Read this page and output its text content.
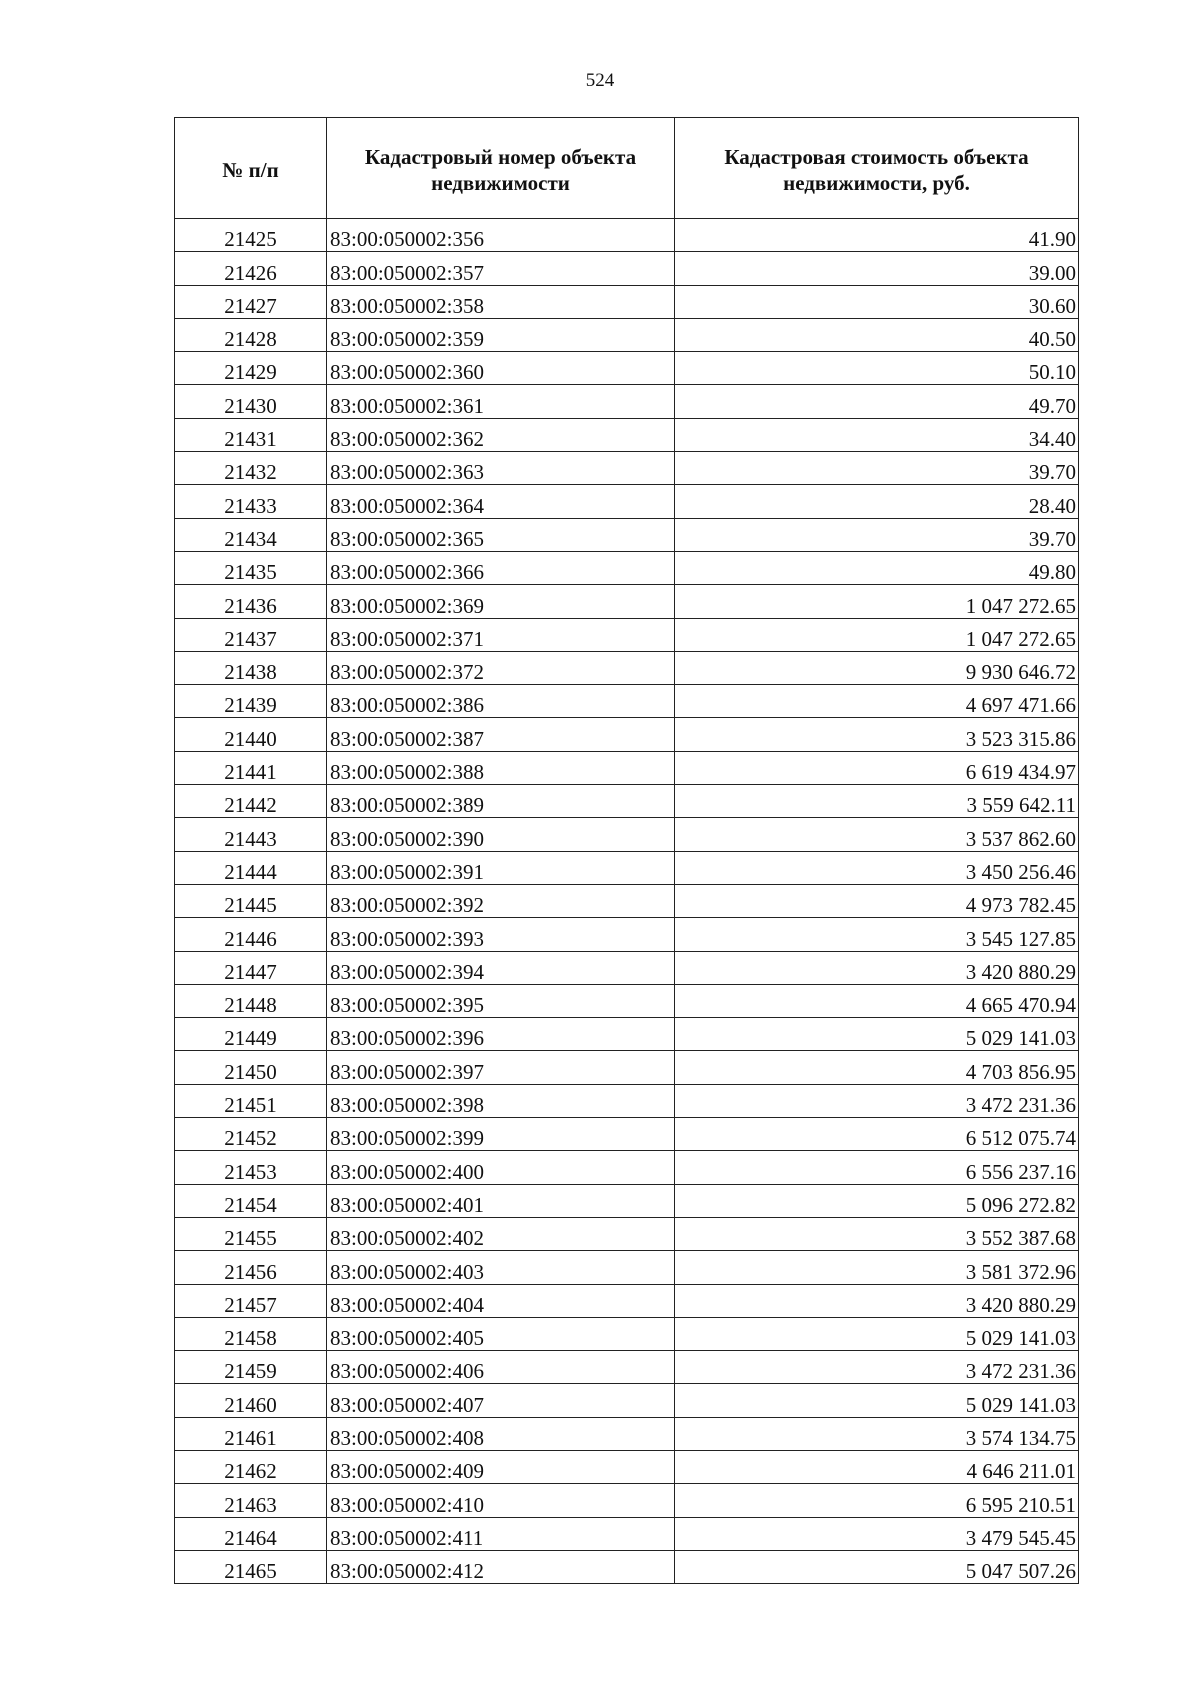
524
№ п/п	Кадастровый номер объекта недвижимости	Кадастровая стоимость объекта недвижимости, руб.
21425	83:00:050002:356	41.90
21426	83:00:050002:357	39.00
21427	83:00:050002:358	30.60
21428	83:00:050002:359	40.50
21429	83:00:050002:360	50.10
21430	83:00:050002:361	49.70
21431	83:00:050002:362	34.40
21432	83:00:050002:363	39.70
21433	83:00:050002:364	28.40
21434	83:00:050002:365	39.70
21435	83:00:050002:366	49.80
21436	83:00:050002:369	1 047 272.65
21437	83:00:050002:371	1 047 272.65
21438	83:00:050002:372	9 930 646.72
21439	83:00:050002:386	4 697 471.66
21440	83:00:050002:387	3 523 315.86
21441	83:00:050002:388	6 619 434.97
21442	83:00:050002:389	3 559 642.11
21443	83:00:050002:390	3 537 862.60
21444	83:00:050002:391	3 450 256.46
21445	83:00:050002:392	4 973 782.45
21446	83:00:050002:393	3 545 127.85
21447	83:00:050002:394	3 420 880.29
21448	83:00:050002:395	4 665 470.94
21449	83:00:050002:396	5 029 141.03
21450	83:00:050002:397	4 703 856.95
21451	83:00:050002:398	3 472 231.36
21452	83:00:050002:399	6 512 075.74
21453	83:00:050002:400	6 556 237.16
21454	83:00:050002:401	5 096 272.82
21455	83:00:050002:402	3 552 387.68
21456	83:00:050002:403	3 581 372.96
21457	83:00:050002:404	3 420 880.29
21458	83:00:050002:405	5 029 141.03
21459	83:00:050002:406	3 472 231.36
21460	83:00:050002:407	5 029 141.03
21461	83:00:050002:408	3 574 134.75
21462	83:00:050002:409	4 646 211.01
21463	83:00:050002:410	6 595 210.51
21464	83:00:050002:411	3 479 545.45
21465	83:00:050002:412	5 047 507.26
